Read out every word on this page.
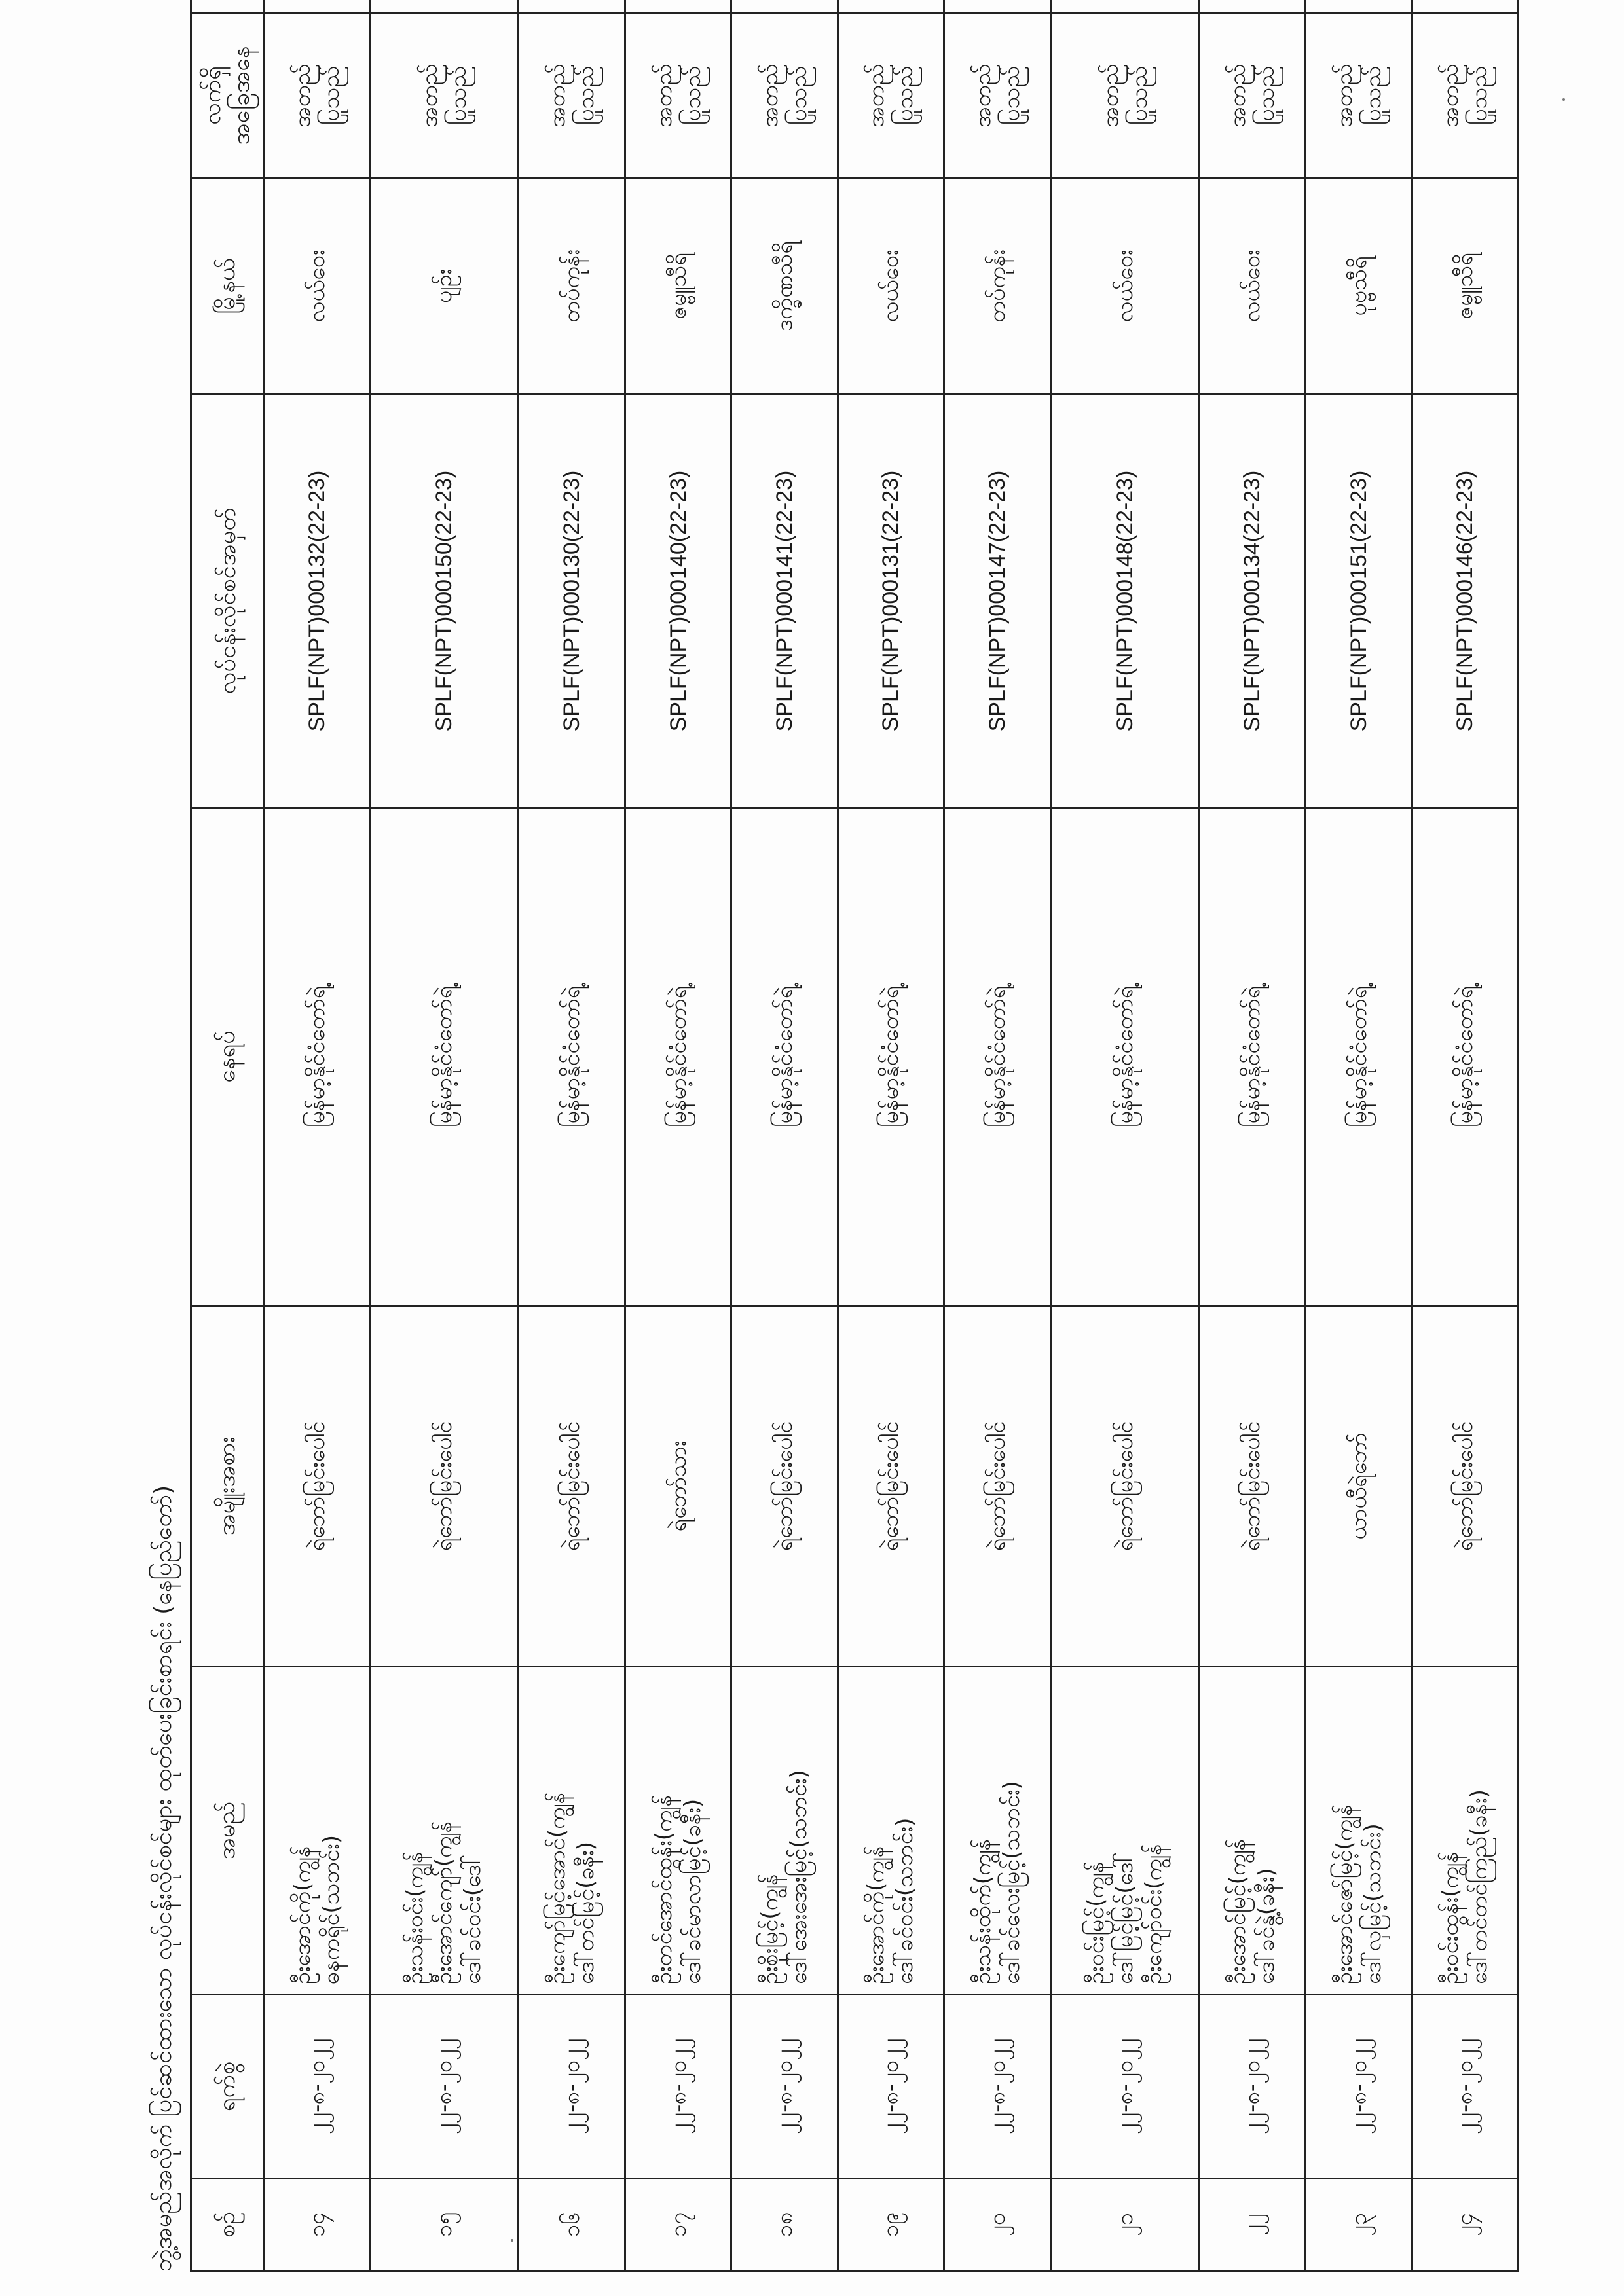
ဘွဲ့အမည်အလိုက် ပြင်ဆင်ထားသော လုပ်ငန်းလိုင်စင်များ ထုတ်ပေးခြင်းစာရင်း (နေပြည်တော်) စဉ်	ရက်စွဲ	အမည်	အမျိုးအစား	နေရပ်	လုပ်ငန်းလိုင်စင်အမှတ်	မြို့နယ်	လက်ရှိအခြေအနေ	
၁၄	၂၂-၈-၂၀၂၂	ဦးအောင်ကို(ကျွန် ဓနကရိုင်(သဘင်း)	ရဲဘော်မြင်းပေါင်	မြန်မာ့နိုင်ငံတော်ရဲ့	SPLF(NPT)000132(22-23)	လယ်ဝေး	အတည် ပြုသည်	

၁၅	၂၂-၈-၂၀၂၂	ဦးသန်းဝင်း(ကျွန် ဦးအောင်ကျော်(ကျွန် ဒေါ်ခင်ဝင်း(ဒေါ်	ရဲဘော်မြင်းပေါင်	မြန်မာ့နိုင်ငံတော်ရဲ့	SPLF(NPT)000150(22-23)	ပျဉ်း	အတည် ပြုသည်	

၁၆	၂၂-၈-၂၀၂၂	ဦးကျော်မြင့်အောင်(ကျွန် ဒေါ်တင်မြင့်(ခနီး)	ရဲဘော်မြင်းပေါင်	မြန်မာ့နိုင်ငံတော်ရဲ့	SPLF(NPT)000130(22-23)	တပ်ကုန်း	အတည် ပြုသည်	

၁၇	၂၂-၈-၂၀၂၂	ဦးတင်အောင်ထွန်း(ကျွန် ဒေါ်ခင်မာလာမြင့်(ခနီး)	ရဲဘော်သား	မြန်မာ့နိုင်ငံတော်ရဲ့	SPLF(NPT)000140(22-23)	ဇမ္ဗူသီရိ	အတည် ပြုသည်	

၁၈	၂၂-၈-၂၀၂၂	ဦးစိုးမြင့်(ကျွန် ဒေါ်အေးအေးမြင့်(သဘင်း)	ရဲဘော်မြင်းပေါင်	မြန်မာ့နိုင်ငံတော်ရဲ့	SPLF(NPT)000141(22-23)	ဒက္ခိဏသီရိ	အတည် ပြုသည်	

၁၉	၂၂-၈-၂၀၂၂	ဦးအောင်ကို(ကျွန် ဒေါ်ခင်ဝင်း(သဘင်း)	ရဲဘော်မြင်းပေါင်	မြန်မာ့နိုင်ငံတော်ရဲ့	SPLF(NPT)000131(22-23)	လယ်ဝေး	အတည် ပြုသည်	

၂၀	၂၂-၈-၂၀၂၂	ဦးသန်းထိုက်(ကျွန် ဒေါ်ခင်လေးမြင့်(သဘင်း)	ရဲဘော်မြင်းပေါင်	မြန်မာ့နိုင်ငံတော်ရဲ့	SPLF(NPT)000147(22-23)	တပ်ကုန်း	အတည် ပြုသည်	

၂၁	၂၂-၈-၂၀၂၂	ဦးဝင်းမြင့်(ကျွန် ဒေါ်မြင့်မြင့်(ဒေါ် ဦးကျော်ဝင်း(ကျွန်	ရဲဘော်မြင်းပေါင်	မြန်မာ့နိုင်ငံတော်ရဲ့	SPLF(NPT)000148(22-23)	လယ်ဝေး	အတည် ပြုသည်	

၂၂	၂၂-၈-၂၀၂၂	ဦးအောင်မြင့်(ကျွန် ဒေါ်ခင်နွဲ့(ခနီး)	ရဲဘော်မြင်းပေါင်	မြန်မာ့နိုင်ငံတော်ရဲ့	SPLF(NPT)000134(22-23)	လယ်ဝေး	အတည် ပြုသည်	

၂၃	၂၂-၈-၂၀၂၂	ဦးအောင်ဇော်မြင့်(ကျွန် ဒေါ်လှမြင့်(သဘင်း)	ယာယီရဲဘော်	မြန်မာ့နိုင်ငံတော်ရဲ့	SPLF(NPT)000151(22-23)	ပုဗ္ဗသီရိ	အတည် ပြုသည်	

၂၄	၂၂-၈-၂၀၂၂	ဦးဝင်းထွန်း(ကျွန် ဒေါ်တင်တင်ကြည်(ခနီး)	ရဲဘော်မြင်းပေါင်	မြန်မာ့နိုင်ငံတော်ရဲ့	SPLF(NPT)000146(22-23)	ဇမ္ဗူသီရိ	အတည် ပြုသည်	
